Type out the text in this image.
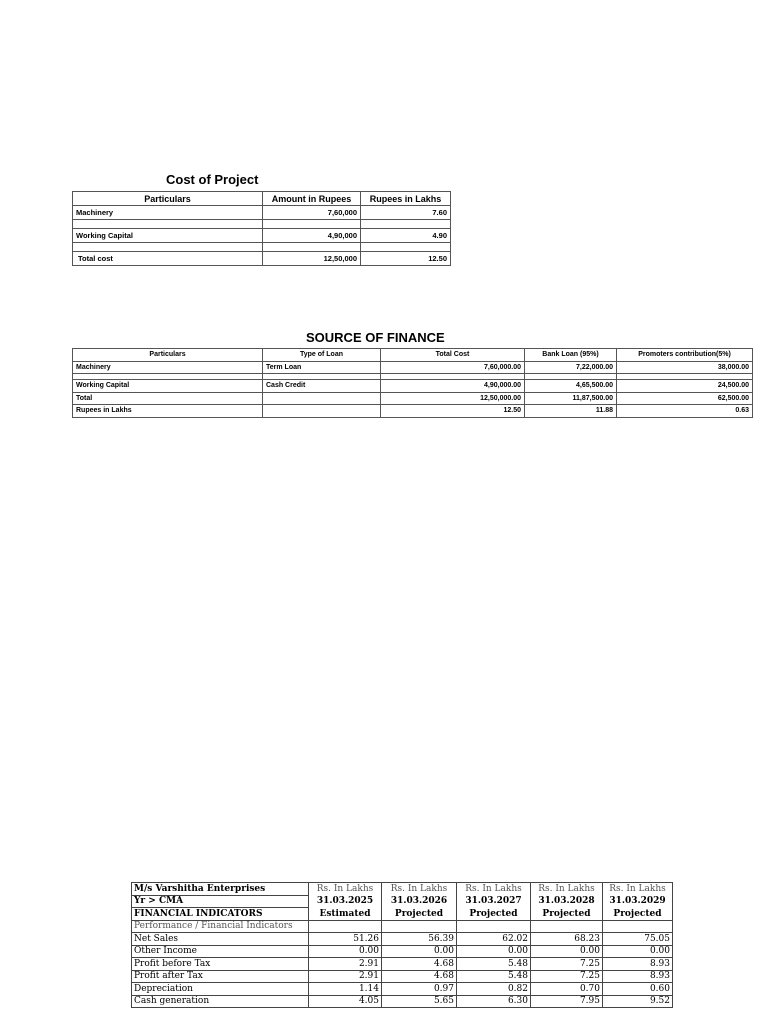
Cost of Project
Particulars	Amount in Rupees	Rupees in Lakhs
Machinery	7,60,000	7.60

Working Capital	4,90,000	4.90

Total cost	12,50,000	12.50
SOURCE OF FINANCE
Particulars	Type of Loan	Total Cost	Bank Loan (95%)	Promoters contribution(5%)
Machinery	Term Loan	7,60,000.00	7,22,000.00	38,000.00

Working Capital	Cash Credit	4,90,000.00	4,65,500.00	24,500.00
Total		12,50,000.00	11,87,500.00	62,500.00
Rupees in Lakhs		12.50	11.88	0.63
M/s Varshitha Enterprises	Rs. In Lakhs	Rs. In Lakhs	Rs. In Lakhs	Rs. In Lakhs	Rs. In Lakhs
Yr > CMA	31.03.2025	31.03.2026	31.03.2027	31.03.2028	31.03.2029
FINANCIAL INDICATORS	Estimated	Projected	Projected	Projected	Projected
Performance / Financial Indicators					
Net Sales	51.26	56.39	62.02	68.23	75.05
Other Income	0.00	0.00	0.00	0.00	0.00
Profit before Tax	2.91	4.68	5.48	7.25	8.93
Profit after Tax	2.91	4.68	5.48	7.25	8.93
Depreciation	1.14	0.97	0.82	0.70	0.60
Cash generation	4.05	5.65	6.30	7.95	9.52
